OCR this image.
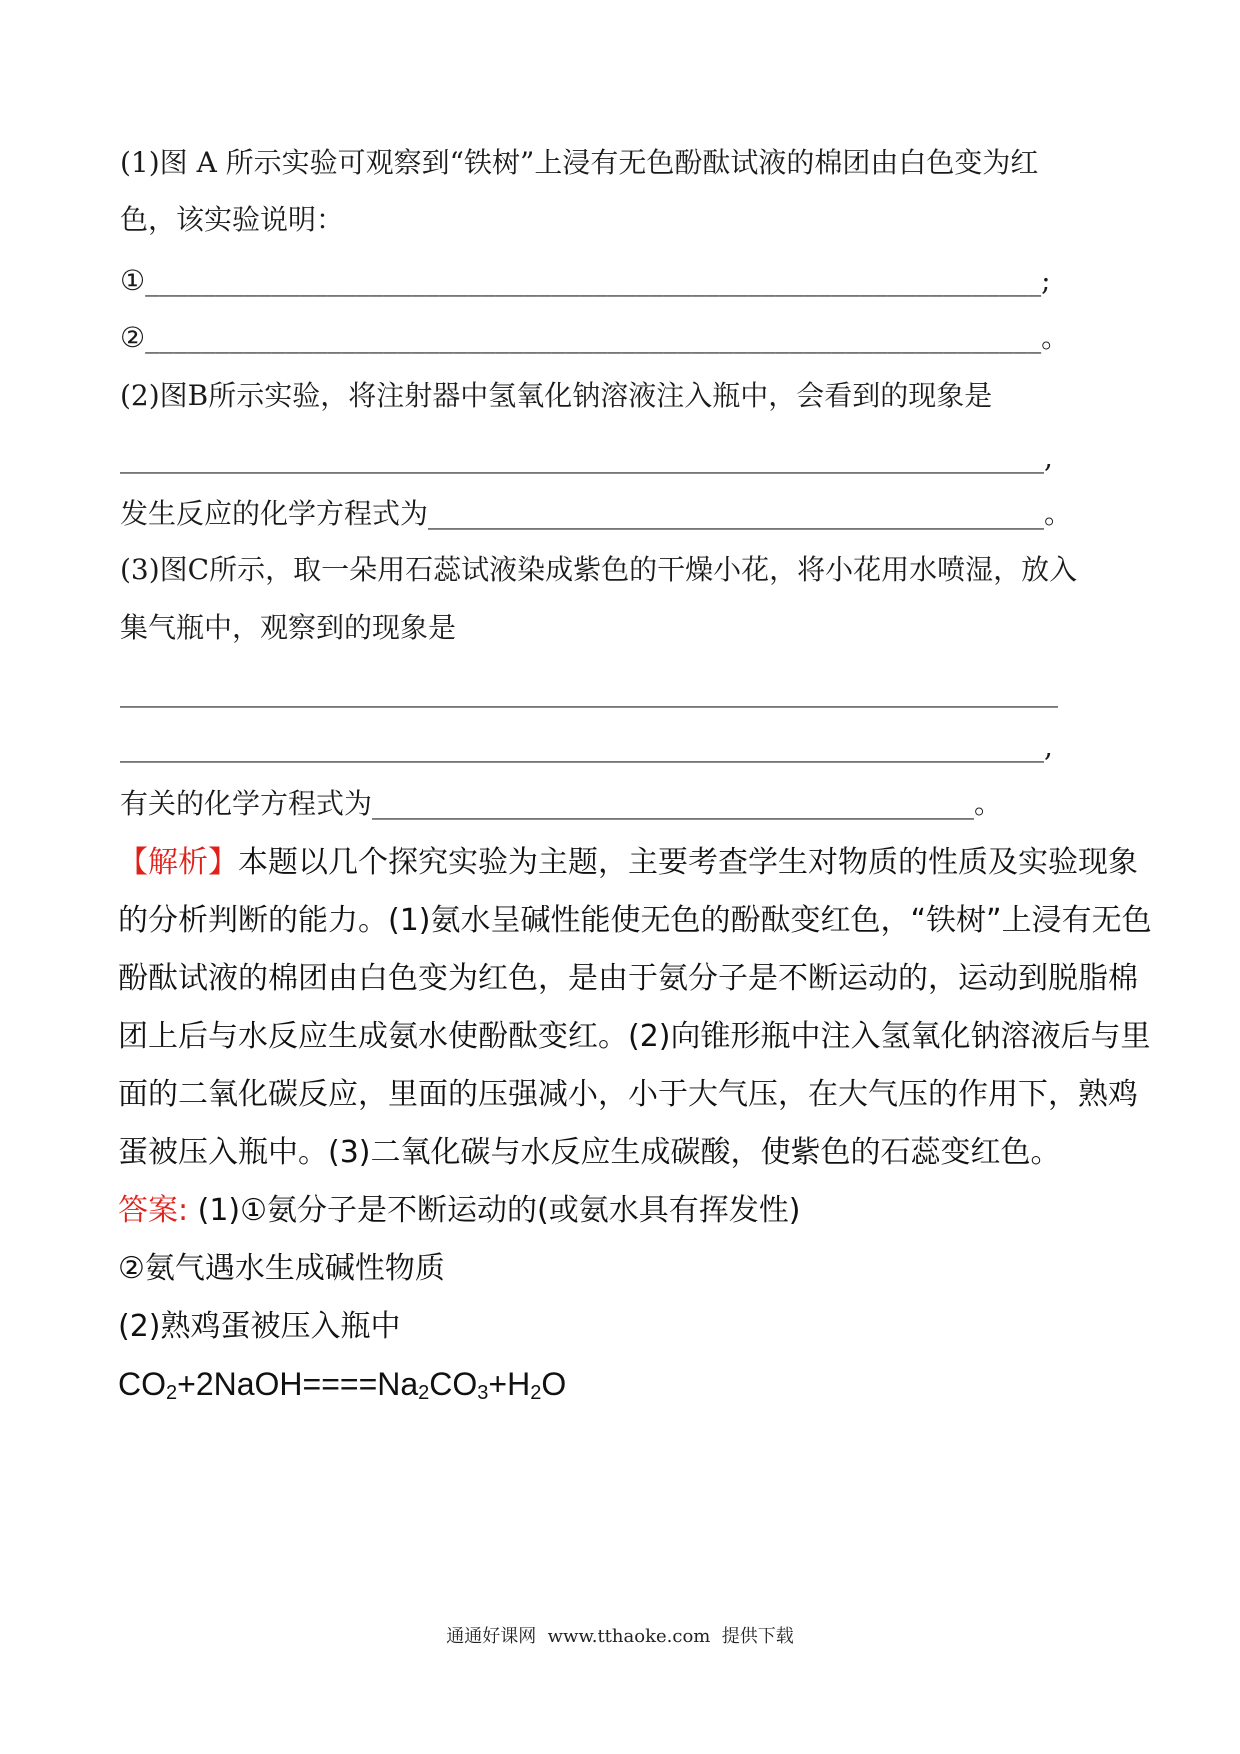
(1)图 A 所示实验可观察到“铁树”上浸有无色酚酞试液的棉团由白色变为红
色，该实验说明：
①________________________________________________________________;
②________________________________________________________________。
(2)图B所示实验，将注射器中氢氧化钠溶液注入瓶中，会看到的现象是
__________________________________________________________________,
发生反应的化学方程式为____________________________________________。
(3)图C所示，取一朵用石蕊试液染成紫色的干燥小花，将小花用水喷湿，放入
集气瓶中，观察到的现象是
___________________________________________________________________
__________________________________________________________________,
有关的化学方程式为___________________________________________。
【解析】本题以几个探究实验为主题，主要考查学生对物质的性质及实验现象
的分析判断的能力。(1)氨水呈碱性能使无色的酚酞变红色，“铁树”上浸有无色
酚酞试液的棉团由白色变为红色，是由于氨分子是不断运动的，运动到脱脂棉
团上后与水反应生成氨水使酚酞变红。(2)向锥形瓶中注入氢氧化钠溶液后与里
面的二氧化碳反应，里面的压强减小，小于大气压，在大气压的作用下，熟鸡
蛋被压入瓶中。(3)二氧化碳与水反应生成碳酸，使紫色的石蕊变红色。
答案: (1)①氨分子是不断运动的(或氨水具有挥发性)
②氨气遇水生成碱性物质
(2)熟鸡蛋被压入瓶中
$CO_2+2NaOH====Na_2CO_3+H_2O$
通通好课网  www.tthaoke.com  提供下载
